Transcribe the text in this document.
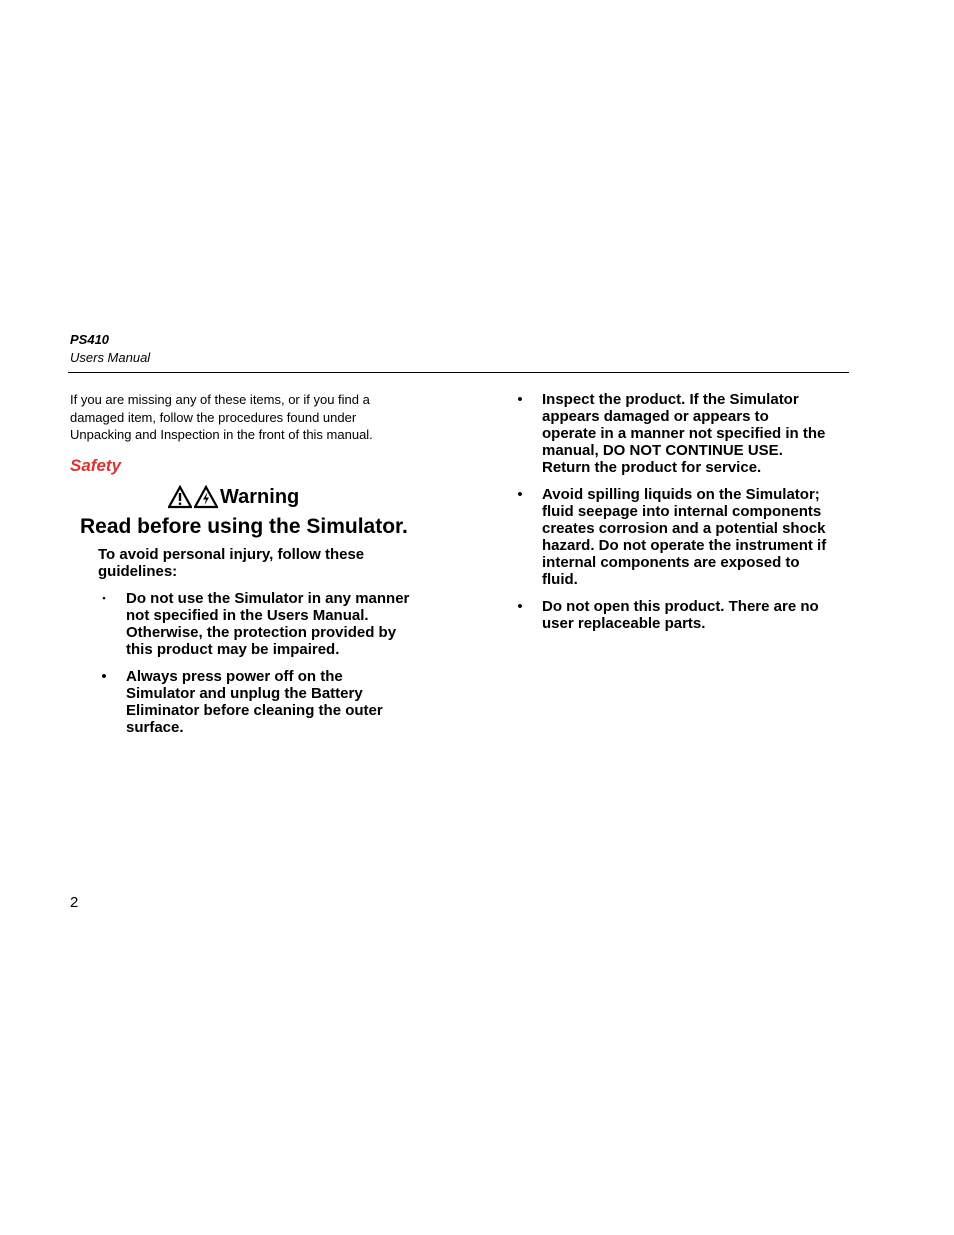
PS410
Users Manual
If you are missing any of these items, or if you find a damaged item, follow the procedures found under Unpacking and Inspection in the front of this manual.
Safety
Warning
Read before using the Simulator.
To avoid personal injury, follow these guidelines:
▪ Do not use the Simulator in any manner not specified in the Users Manual. Otherwise, the protection provided by this product may be impaired.
• Always press power off on the Simulator and unplug the Battery Eliminator before cleaning the outer surface.
• Inspect the product. If the Simulator appears damaged or appears to operate in a manner not specified in the manual, DO NOT CONTINUE USE. Return the product for service.
• Avoid spilling liquids on the Simulator; fluid seepage into internal components creates corrosion and a potential shock hazard. Do not operate the instrument if internal components are exposed to fluid.
• Do not open this product. There are no user replaceable parts.
2
